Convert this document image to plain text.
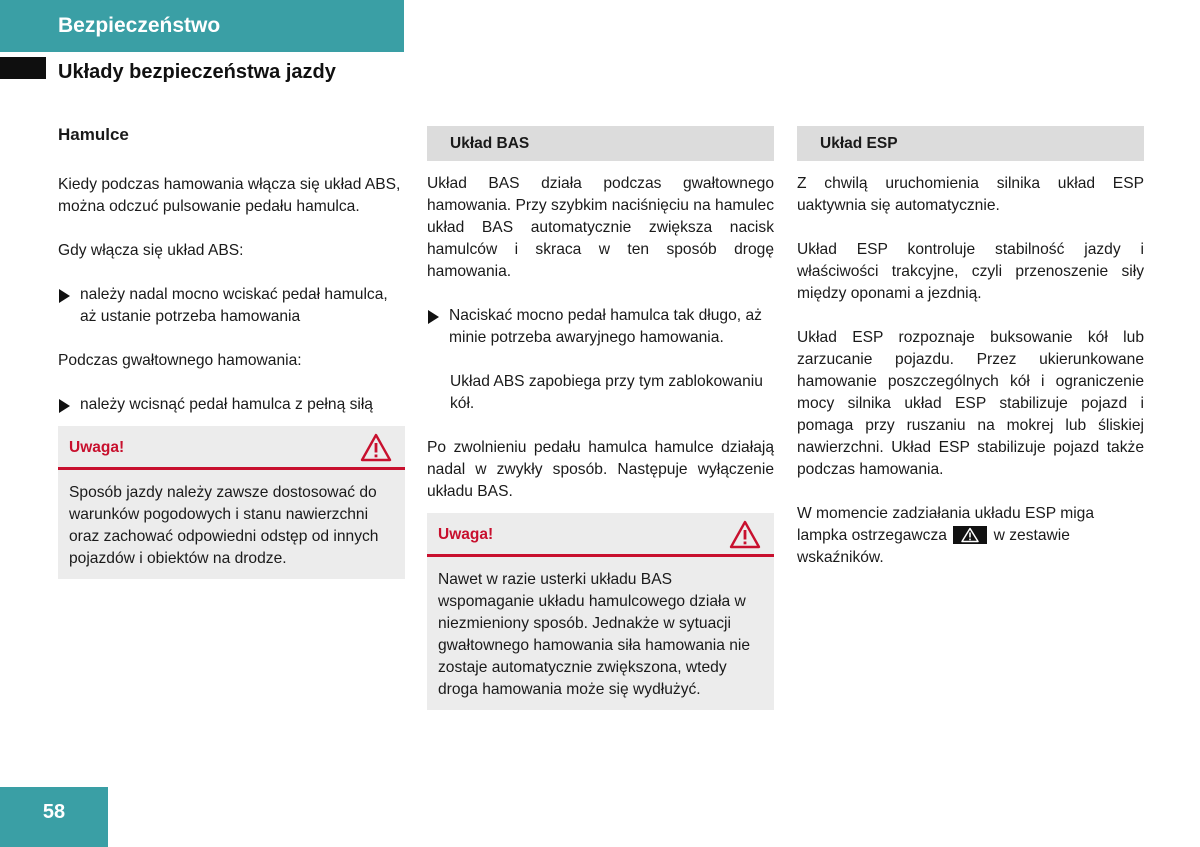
Bezpieczeństwo
Układy bezpieczeństwa jazdy
Hamulce

Kiedy podczas hamowania włącza się układ ABS, można odczuć pulsowanie pedału hamulca.

Gdy włącza się układ ABS:

należy nadal mocno wciskać pedał hamulca, aż ustanie potrzeba hamowania

Podczas gwałtownego hamowania:

należy wcisnąć pedał hamulca z pełną siłą
Uwaga!
Sposób jazdy należy zawsze dostosować do warunków pogodowych i stanu nawierzchni oraz zachować odpowiedni odstęp od innych pojazdów i obiektów na drodze.
Układ BAS

Układ BAS działa podczas gwałtownego hamowania. Przy szybkim naciśnięciu na hamulec układ BAS automatycznie zwiększa nacisk hamulców i skraca w ten sposób drogę hamowania.

Naciskać mocno pedał hamulca tak długo, aż minie potrzeba awaryjnego hamowania.

Układ ABS zapobiega przy tym zablokowaniu kół.

Po zwolnieniu pedału hamulca hamulce działają nadal w zwykły sposób. Następuje wyłączenie układu BAS.

Uwaga!
Nawet w razie usterki układu BAS wspomaganie układu hamulcowego działa w niezmieniony sposób. Jednakże w sytuacji gwałtownego hamowania siła hamowania nie zostaje automatycznie zwiększona, wtedy droga hamowania może się wydłużyć.
Układ ESP

Z chwilą uruchomienia silnika układ ESP uaktywnia się automatycznie.

Układ ESP kontroluje stabilność jazdy i właściwości trakcyjne, czyli przenoszenie siły między oponami a jezdnią.

Układ ESP rozpoznaje buksowanie kół lub zarzucanie pojazdu. Przez ukierunkowane hamowanie poszczególnych kół i ograniczenie mocy silnika układ ESP stabilizuje pojazd i pomaga przy ruszaniu na mokrej lub śliskiej nawierzchni. Układ ESP stabilizuje pojazd także podczas hamowania.

W momencie zadziałania układu ESP miga lampka ostrzegawcza	w zestawie wskaźników.

58
